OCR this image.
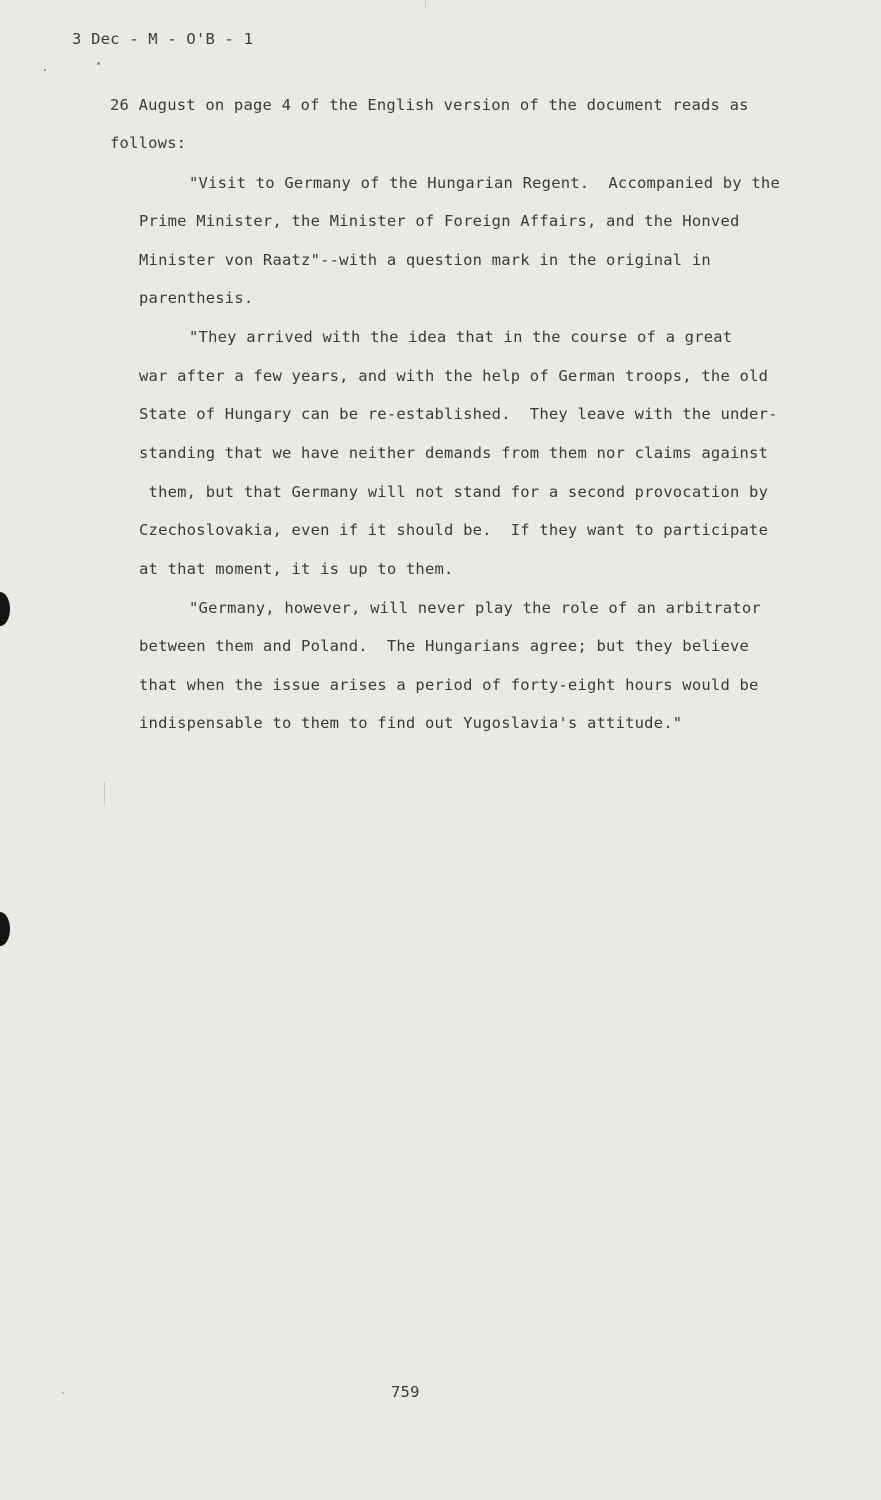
3 Dec - M - O'B - 1
26 August on page 4 of the English version of the document reads as
follows:
"Visit to Germany of the Hungarian Regent.  Accompanied by the
Prime Minister, the Minister of Foreign Affairs, and the Honved
Minister von Raatz"--with a question mark in the original in
parenthesis.
"They arrived with the idea that in the course of a great
war after a few years, and with the help of German troops, the old
State of Hungary can be re-established.  They leave with the under-
standing that we have neither demands from them nor claims against
them, but that Germany will not stand for a second provocation by
Czechoslovakia, even if it should be.  If they want to participate
at that moment, it is up to them.
"Germany, however, will never play the role of an arbitrator
between them and Poland.  The Hungarians agree; but they believe
that when the issue arises a period of forty-eight hours would be
indispensable to them to find out Yugoslavia's attitude."
759
